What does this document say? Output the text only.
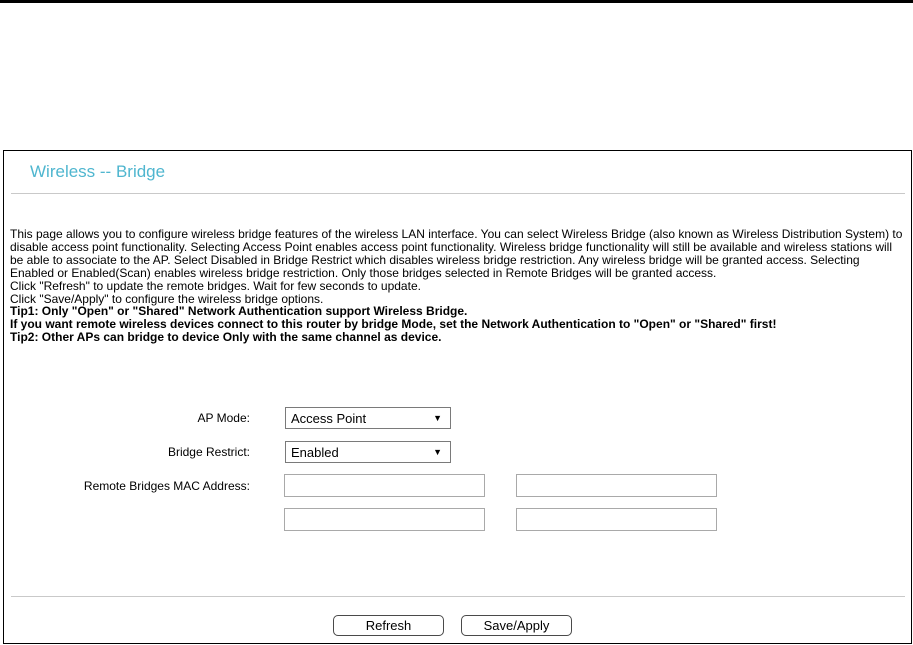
Wireless -- Bridge

This page allows you to configure wireless bridge features of the wireless LAN interface. You can select Wireless Bridge (also known as Wireless Distribution System) to disable access point functionality. Selecting Access Point enables access point functionality. Wireless bridge functionality will still be available and wireless stations will be able to associate to the AP. Select Disabled in Bridge Restrict which disables wireless bridge restriction. Any wireless bridge will be granted access. Selecting Enabled or Enabled(Scan) enables wireless bridge restriction. Only those bridges selected in Remote Bridges will be granted access.

Click "Refresh" to update the remote bridges. Wait for few seconds to update.

Click "Save/Apply" to configure the wireless bridge options.

Tip1: Only "Open" or "Shared" Network Authentication support Wireless Bridge.

If you want remote wireless devices connect to this router by bridge Mode, set the Network Authentication to "Open" or "Shared" first!

Tip2: Other APs can bridge to device Only with the same channel as device.

AP Mode:	Access Point	▼
Bridge Restrict:	Enabled	▼
Remote Bridges MAC Address:
Refresh	Save/Apply
